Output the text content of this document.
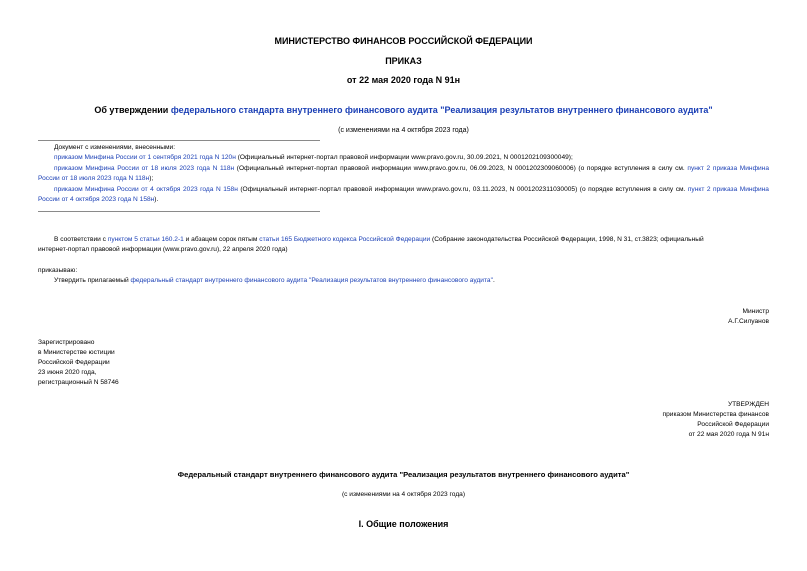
МИНИСТЕРСТВО ФИНАНСОВ РОССИЙСКОЙ ФЕДЕРАЦИИ
ПРИКАЗ
от 22 мая 2020 года N 91н
Об утверждении федерального стандарта внутреннего финансового аудита "Реализация результатов внутреннего финансового аудита"
(с изменениями на 4 октября 2023 года)
Документ с изменениями, внесенными:
приказом Минфина России от 1 сентября 2021 года N 120н (Официальный интернет-портал правовой информации www.pravo.gov.ru, 30.09.2021, N 0001202109300049);
приказом Минфина России от 18 июля 2023 года N 118н (Официальный интернет-портал правовой информации www.pravo.gov.ru, 06.09.2023, N 0001202309060006) (о порядке вступления в силу см. пункт 2 приказа Минфина России от 18 июля 2023 года N 118н);
приказом Минфина России от 4 октября 2023 года N 158н (Официальный интернет-портал правовой информации www.pravo.gov.ru, 03.11.2023, N 0001202311030005) (о порядке вступления в силу см. пункт 2 приказа Минфина России от 4 октября 2023 года N 158н).
В соответствии с пунктом 5 статьи 160.2-1 и абзацем сорок пятым статьи 165 Бюджетного кодекса Российской Федерации (Собрание законодательства Российской Федерации, 1998, N 31, ст.3823; официальный
интернет-портал правовой информации (www.pravo.gov.ru), 22 апреля 2020 года)
приказываю:
Утвердить прилагаемый федеральный стандарт внутреннего финансового аудита "Реализация результатов внутреннего финансового аудита".
Министр
А.Г.Силуанов
Зарегистрировано
в Министерстве юстиции
Российской Федерации
23 июня 2020 года,
регистрационный N 58746
УТВЕРЖДЕН
приказом Министерства финансов
Российской Федерации
от 22 мая 2020 года N 91н
Федеральный стандарт внутреннего финансового аудита "Реализация результатов внутреннего финансового аудита"
(с изменениями на 4 октября 2023 года)
I. Общие положения
